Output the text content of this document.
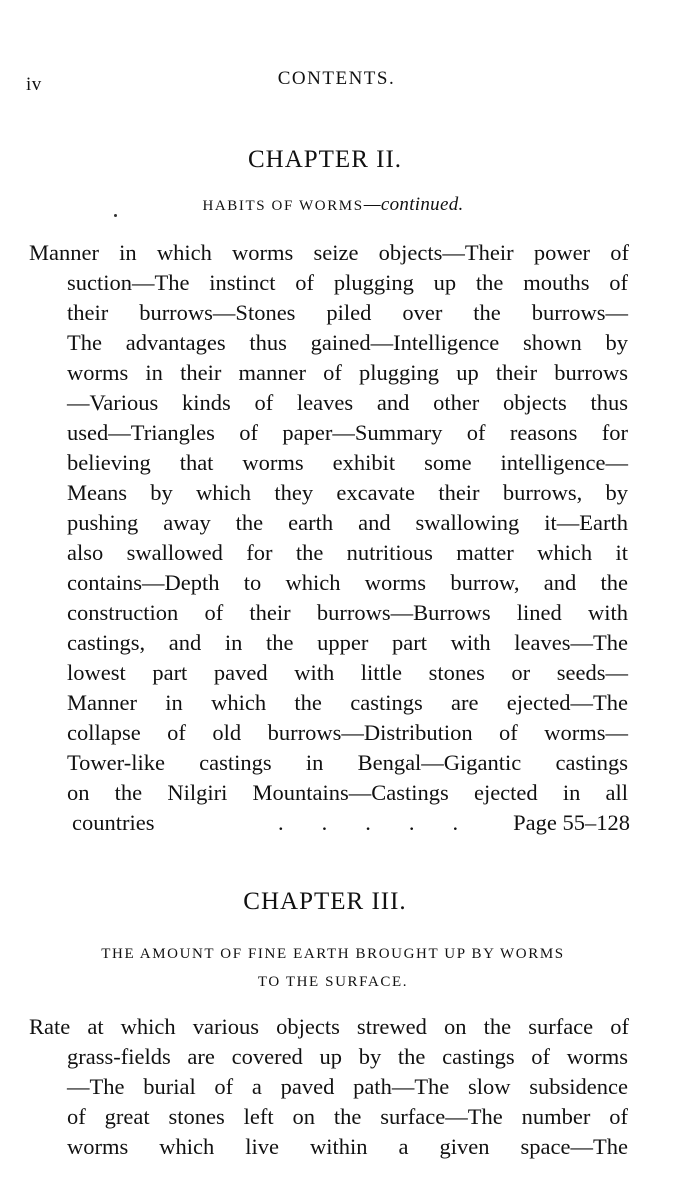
iv	CONTENTS.
CHAPTER II.
HABITS OF WORMS—continued.
Manner in which worms seize objects—Their power of
suction—The instinct of plugging up the mouths of
their burrows—Stones piled over the burrows—
The advantages thus gained—Intelligence shown by
worms in their manner of plugging up their burrows
—Various kinds of leaves and other objects thus
used—Triangles of paper—Summary of reasons for
believing that worms exhibit some intelligence—
Means by which they excavate their burrows, by
pushing away the earth and swallowing it—Earth
also swallowed for the nutritious matter which it
contains—Depth to which worms burrow, and the
construction of their burrows—Burrows lined with
castings, and in the upper part with leaves—The
lowest part paved with little stones or seeds—
Manner in which the castings are ejected—The
collapse of old burrows—Distribution of worms—
Tower-like castings in Bengal—Gigantic castings
on the Nilgiri Mountains—Castings ejected in all
countries	..... Page 55–128
CHAPTER III.
THE AMOUNT OF FINE EARTH BROUGHT UP BY WORMS
TO THE SURFACE.
Rate at which various objects strewed on the surface of
grass-fields are covered up by the castings of worms
—The burial of a paved path—The slow subsidence
of great stones left on the surface—The number of
worms which live within a given space—The
